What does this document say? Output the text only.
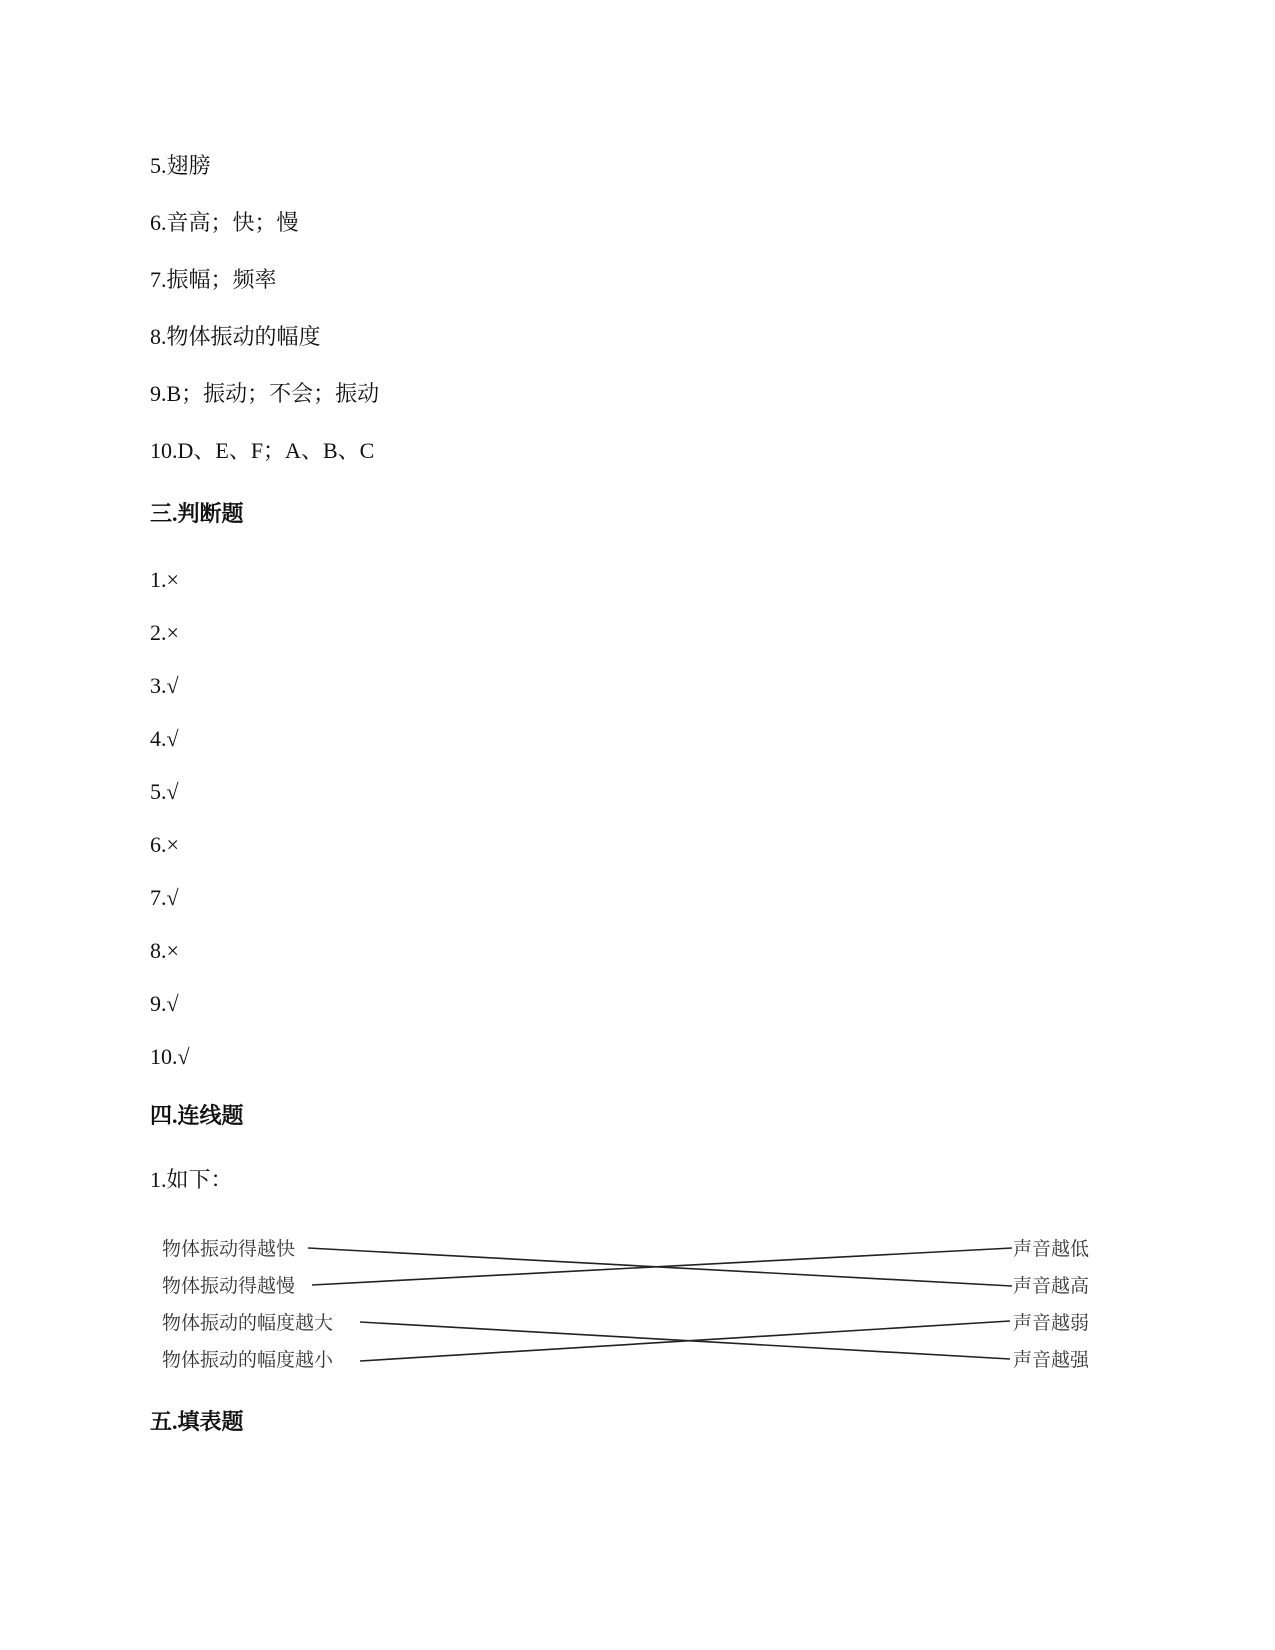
5.翅膀
6.音高；快；慢
7.振幅；频率
8.物体振动的幅度
9.B；振动；不会；振动
10.D、E、F；A、B、C
三.判断题
1.×
2.×
3.√
4.√
5.√
6.×
7.√
8.×
9.√
10.√
四.连线题
1.如下：
物体振动得越快
物体振动得越慢
物体振动的幅度越大
物体振动的幅度越小
声音越低
声音越高
声音越弱
声音越强
五.填表题
